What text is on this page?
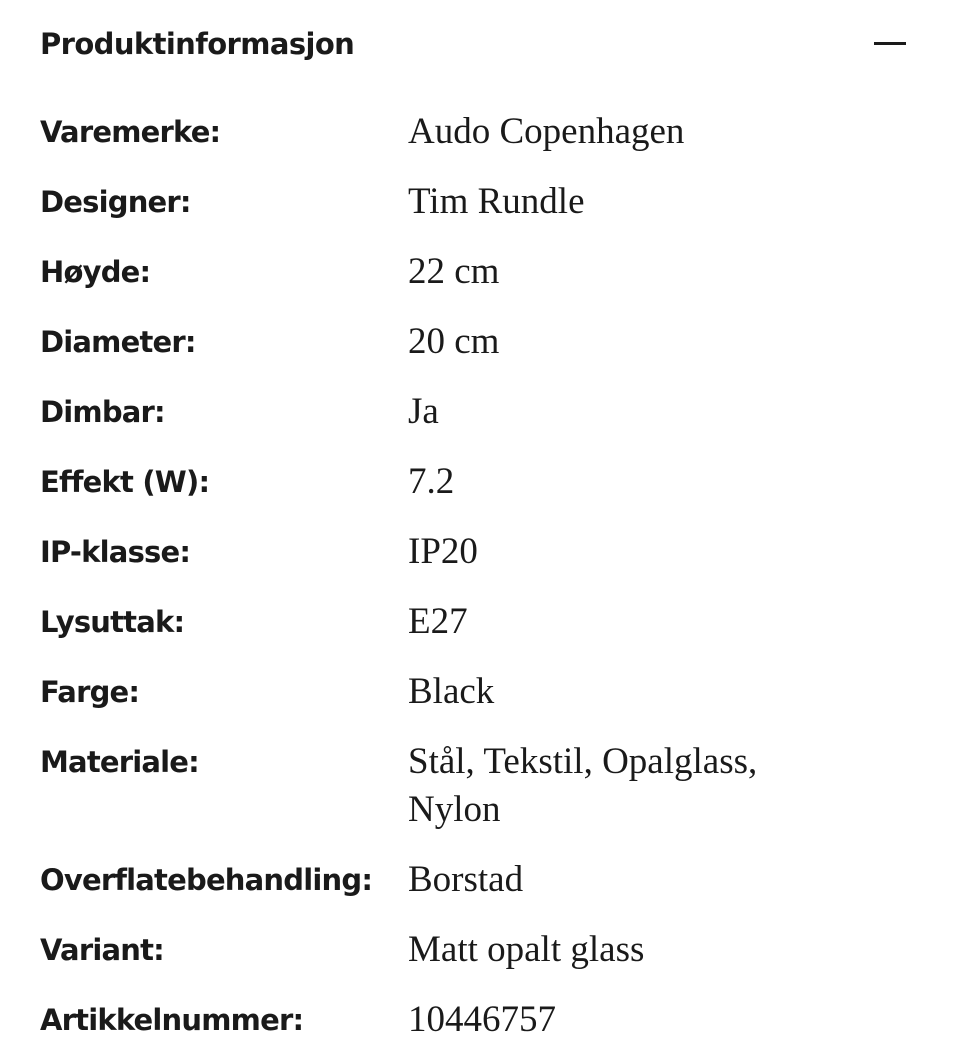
Produktinformasjon
Varemerke:	Audo Copenhagen
Designer:	Tim Rundle
Høyde:	22 cm
Diameter:	20 cm
Dimbar:	Ja
Effekt (W):	7.2
IP-klasse:	IP20
Lysuttak:	E27
Farge:	Black
Materiale:	Stål, Tekstil, Opalglass, Nylon
Overflatebehandling: Borstad
Variant:	Matt opalt glass
Artikkelnummer:	10446757
